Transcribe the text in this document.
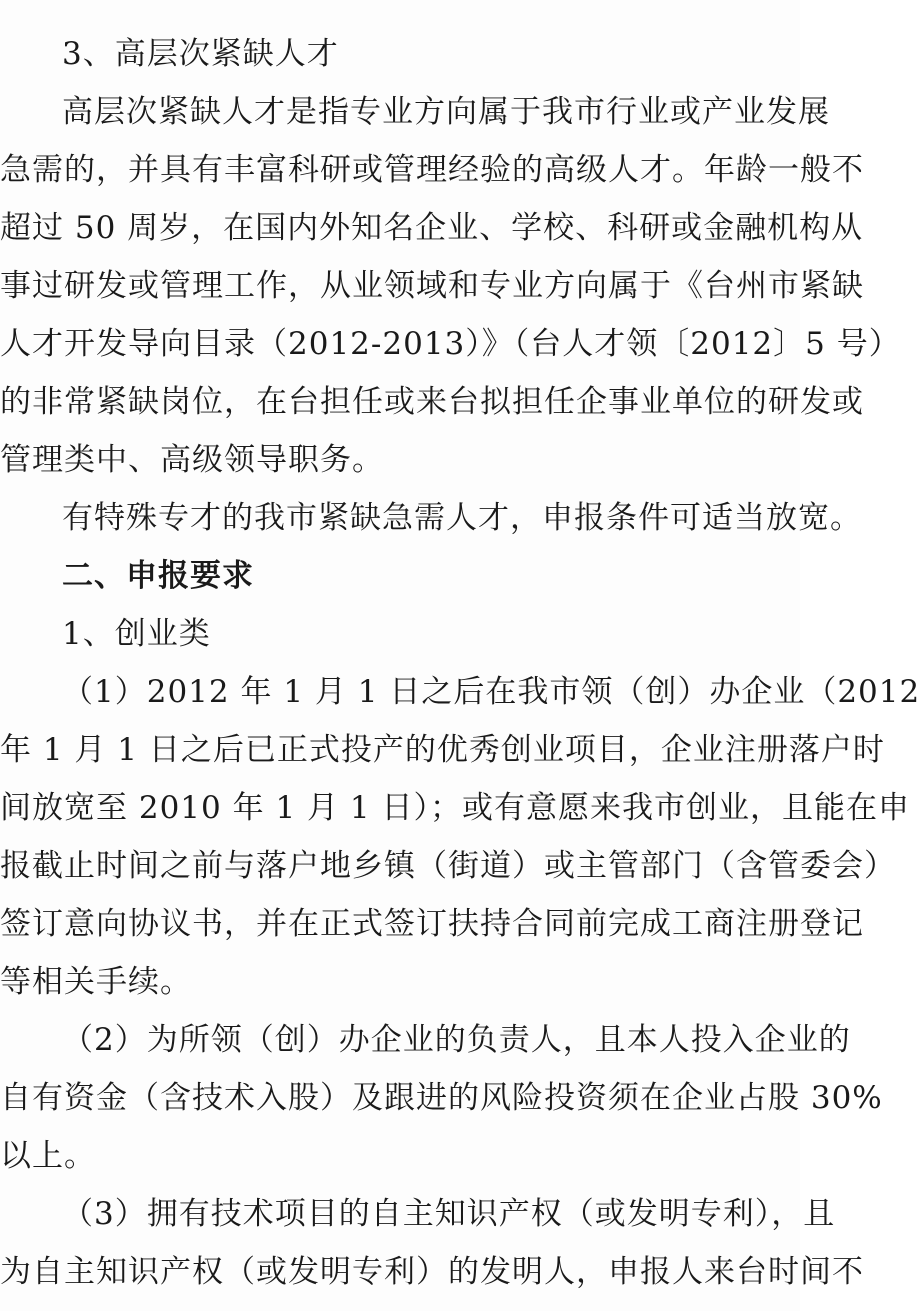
3、高层次紧缺人才
高层次紧缺人才是指专业方向属于我市行业或产业发展
急需的，并具有丰富科研或管理经验的高级人才。年龄一般不
超过 50 周岁，在国内外知名企业、学校、科研或金融机构从
事过研发或管理工作，从业领域和专业方向属于《台州市紧缺
人才开发导向目录（2012-2013）》（台人才领〔2012〕5 号）
的非常紧缺岗位，在台担任或来台拟担任企事业单位的研发或
管理类中、高级领导职务。
有特殊专才的我市紧缺急需人才，申报条件可适当放宽。
二、申报要求
1、创业类
（1）2012 年 1 月 1 日之后在我市领（创）办企业（2012
年 1 月 1 日之后已正式投产的优秀创业项目，企业注册落户时
间放宽至 2010 年 1 月 1 日）；或有意愿来我市创业，且能在申
报截止时间之前与落户地乡镇（街道）或主管部门（含管委会）
签订意向协议书，并在正式签订扶持合同前完成工商注册登记
等相关手续。
（2）为所领（创）办企业的负责人，且本人投入企业的
自有资金（含技术入股）及跟进的风险投资须在企业占股 30%
以上。
（3）拥有技术项目的自主知识产权（或发明专利），且
为自主知识产权（或发明专利）的发明人，申报人来台时间不
